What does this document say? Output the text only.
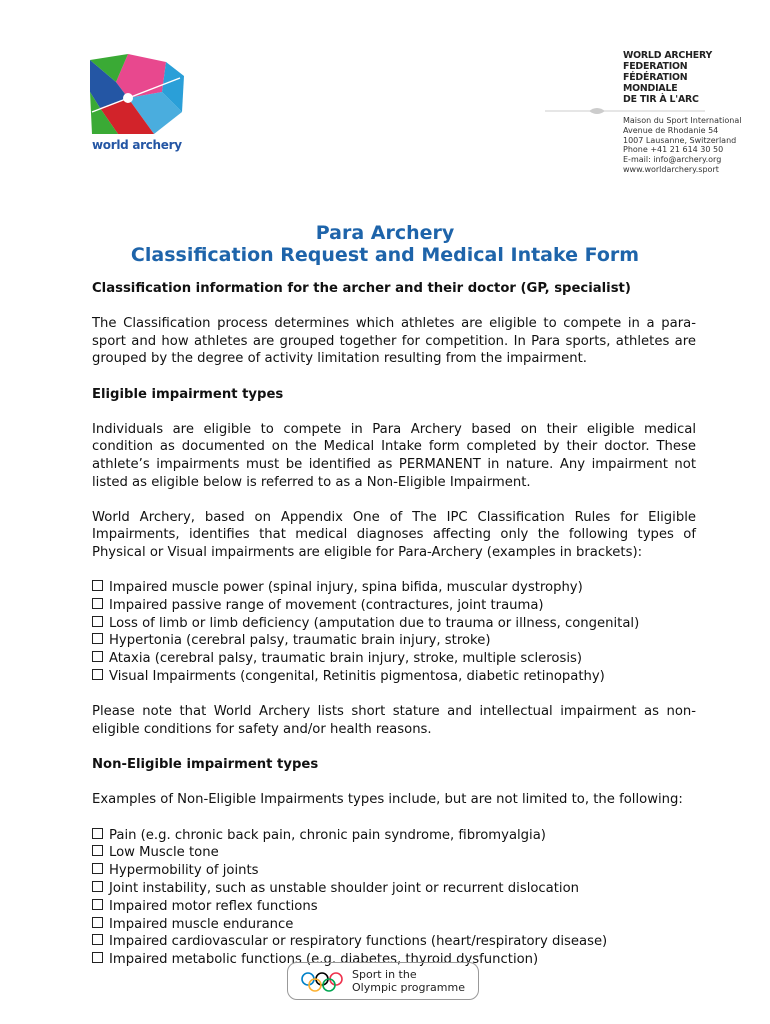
world archery
WORLD ARCHERY
FEDERATION
FÉDÉRATION
MONDIALE
DE TIR À L'ARC
Maison du Sport International
Avenue de Rhodanie 54
1007 Lausanne, Switzerland
Phone +41 21 614 30 50
E-mail: info@archery.org
www.worldarchery.sport
Para Archery
Classification Request and Medical Intake Form
Classification information for the archer and their doctor (GP, specialist)

The Classification process determines which athletes are eligible to compete in a para-sport and how athletes are grouped together for competition. In Para sports, athletes are grouped by the degree of activity limitation resulting from the impairment.

Eligible impairment types

Individuals are eligible to compete in Para Archery based on their eligible medical condition as documented on the Medical Intake form completed by their doctor. These athlete’s impairments must be identified as PERMANENT in nature. Any impairment not listed as eligible below is referred to as a Non-Eligible Impairment.

World Archery, based on Appendix One of The IPC Classification Rules for Eligible Impairments, identifies that medical diagnoses affecting only the following types of Physical or Visual impairments are eligible for Para-Archery (examples in brackets):

Impaired muscle power (spinal injury, spina bifida, muscular dystrophy)
Impaired passive range of movement (contractures, joint trauma)
Loss of limb or limb deficiency (amputation due to trauma or illness, congenital)
Hypertonia (cerebral palsy, traumatic brain injury, stroke)
Ataxia (cerebral palsy, traumatic brain injury, stroke, multiple sclerosis)
Visual Impairments (congenital, Retinitis pigmentosa, diabetic retinopathy)

Please note that World Archery lists short stature and intellectual impairment as non-eligible conditions for safety and/or health reasons.

Non-Eligible impairment types

Examples of Non-Eligible Impairments types include, but are not limited to, the following:

Pain (e.g. chronic back pain, chronic pain syndrome, fibromyalgia)
Low Muscle tone
Hypermobility of joints
Joint instability, such as unstable shoulder joint or recurrent dislocation
Impaired motor reflex functions
Impaired muscle endurance
Impaired cardiovascular or respiratory functions (heart/respiratory disease)
Impaired metabolic functions (e.g. diabetes, thyroid dysfunction)
Sport in the
Olympic programme
